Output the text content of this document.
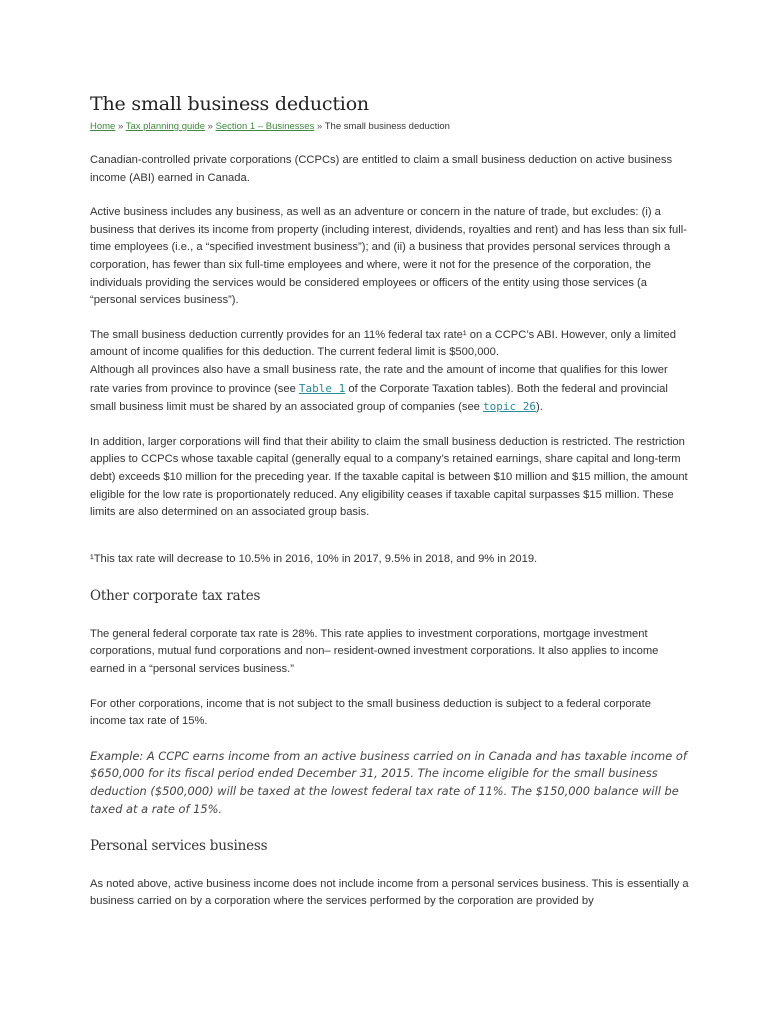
The small business deduction
Home » Tax planning guide » Section 1 – Businesses » The small business deduction

Canadian-controlled private corporations (CCPCs) are entitled to claim a small business deduction on active business income (ABI) earned in Canada.

Active business includes any business, as well as an adventure or concern in the nature of trade, but excludes: (i) a business that derives its income from property (including interest, dividends, royalties and rent) and has less than six full-time employees (i.e., a “specified investment business”); and (ii) a business that provides personal services through a corporation, has fewer than six full-time employees and where, were it not for the presence of the corporation, the individuals providing the services would be considered employees or officers of the entity using those services (a “personal services business”).

The small business deduction currently provides for an 11% federal tax rate¹ on a CCPC’s ABI. However, only a limited amount of income qualifies for this deduction. The current federal limit is $500,000.

Although all provinces also have a small business rate, the rate and the amount of income that qualifies for this lower rate varies from province to province (see Table 1 of the Corporate Taxation tables). Both the federal and provincial small business limit must be shared by an associated group of companies (see topic 26).

In addition, larger corporations will find that their ability to claim the small business deduction is restricted. The restriction applies to CCPCs whose taxable capital (generally equal to a company’s retained earnings, share capital and long-term debt) exceeds $10 million for the preceding year. If the taxable capital is between $10 million and $15 million, the amount eligible for the low rate is proportionately reduced. Any eligibility ceases if taxable capital surpasses $15 million. These limits are also determined on an associated group basis.

¹This tax rate will decrease to 10.5% in 2016, 10% in 2017, 9.5% in 2018, and 9% in 2019.

Other corporate tax rates

The general federal corporate tax rate is 28%. This rate applies to investment corporations, mortgage investment corporations, mutual fund corporations and non– resident-owned investment corporations. It also applies to income earned in a “personal services business.”

For other corporations, income that is not subject to the small business deduction is subject to a federal corporate income tax rate of 15%.

Example: A CCPC earns income from an active business carried on in Canada and has taxable income of $650,000 for its fiscal period ended December 31, 2015. The income eligible for the small business deduction ($500,000) will be taxed at the lowest federal tax rate of 11%. The $150,000 balance will be taxed at a rate of 15%.

Personal services business

As noted above, active business income does not include income from a personal services business. This is essentially a business carried on by a corporation where the services performed by the corporation are provided by
